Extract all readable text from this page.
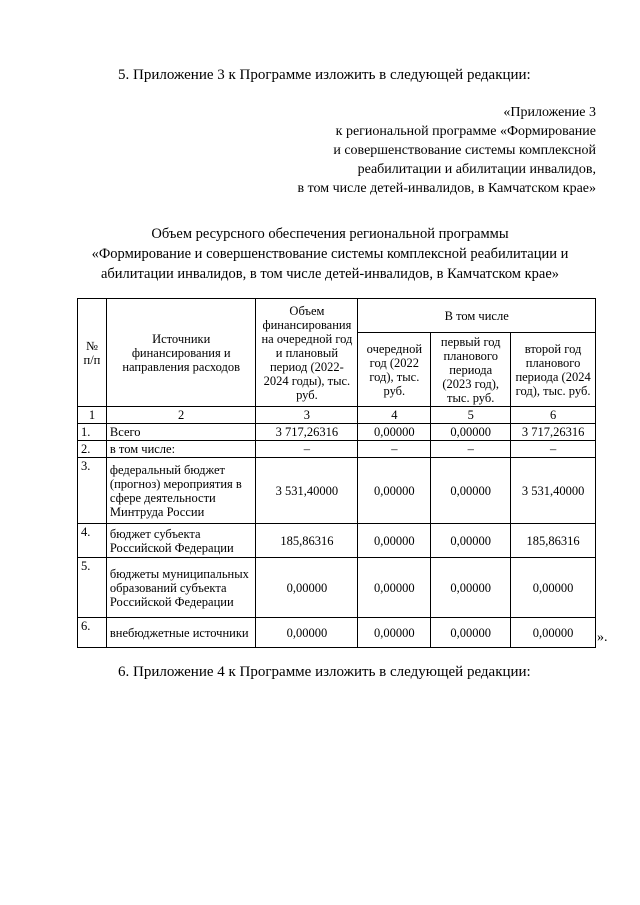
5. Приложение 3 к Программе изложить в следующей редакции:
«Приложение 3
к региональной программе «Формирование
и совершенствование системы комплексной
реабилитации и абилитации инвалидов,
в том числе детей-инвалидов, в Камчатском крае»
Объем ресурсного обеспечения региональной программы
«Формирование и совершенствование системы комплексной реабилитации и
абилитации инвалидов, в том числе детей-инвалидов, в Камчатском крае»
№ п/п	Источники финансирования и направления расходов	Объем финансирования на очередной год и плановый период (2022-2024 годы), тыс. руб.	В том числе		
			очередной год (2022 год), тыс. руб.	первый год планового периода (2023 год), тыс. руб.	второй год планового периода (2024 год), тыс. руб.
1	2	3	4	5	6
1.	Всего	3 717,26316	0,00000	0,00000	3 717,26316
2.	в том числе:	–	–	–	–
3.	федеральный бюджет (прогноз) мероприятия в сфере деятельности Минтруда России	3 531,40000	0,00000	0,00000	3 531,40000
4.	бюджет субъекта Российской Федерации	185,86316	0,00000	0,00000	185,86316
5.	бюджеты муниципальных образований субъекта Российской Федерации	0,00000	0,00000	0,00000	0,00000
6.	внебюджетные источники	0,00000	0,00000	0,00000	0,00000 ».
6. Приложение 4 к Программе изложить в следующей редакции:
